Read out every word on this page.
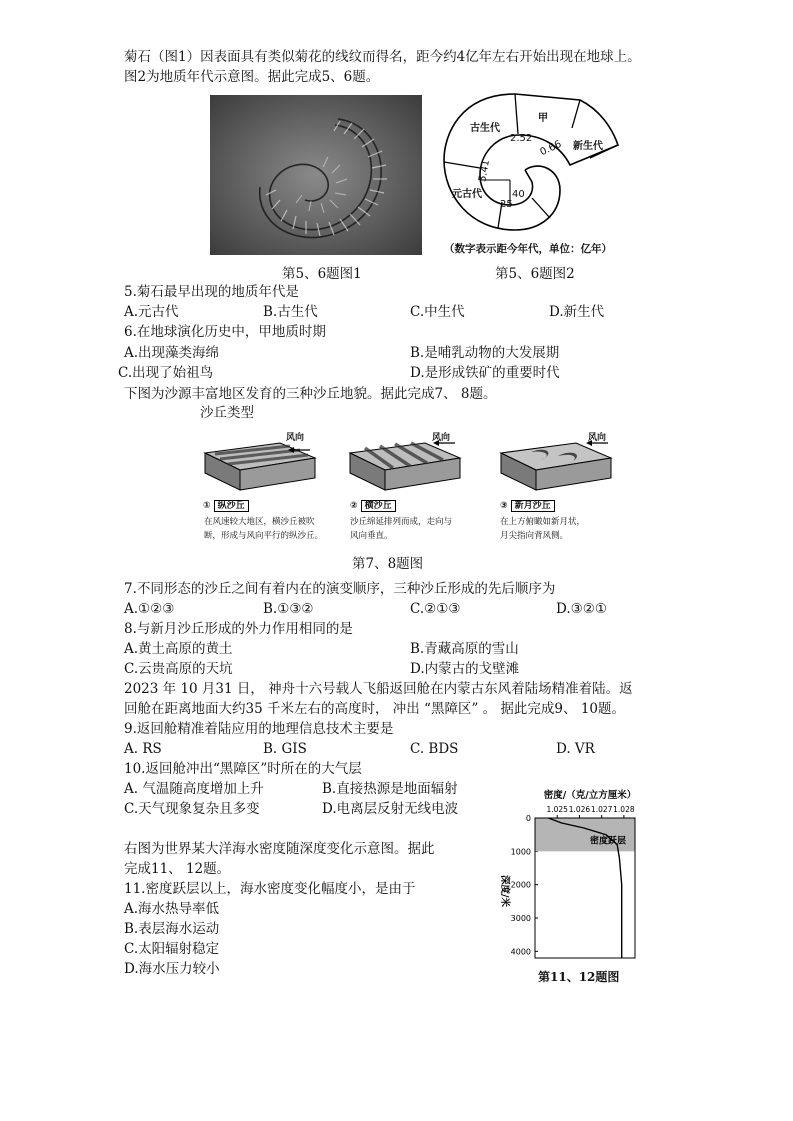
菊石（图1）因表面具有类似菊花的线纹而得名，距今约4亿年左右开始出现在地球上。
图2为地质年代示意图。据此完成5、6题。
第5、6题图1
古生代
甲
新生代
元古代
2.52
0.66
5.41
25
40
（数字表示距今年代，单位：亿年）
第5、6题图2
5.菊石最早出现的地质年代是
A.元古代	B.古生代	C.中生代	D.新生代
6.在地球演化历史中，甲地质时期
A.出现藻类海绵	B.是哺乳动物的大发展期
C.出现了始祖鸟	D.是形成铁矿的重要时代
下图为沙源丰富地区发育的三种沙丘地貌。据此完成7、 8题。
沙丘类型
风向	风向	风向
① 纵沙丘	② 横沙丘	③ 新月沙丘
在风速较大地区，横沙丘被吹
断，形成与风向平行的纵沙丘。
沙丘绵延排列而成，走向与
风向垂直。
在上方俯瞰如新月状，
月尖指向背风侧。
第7、8题图
7.不同形态的沙丘之间有着内在的演变顺序，三种沙丘形成的先后顺序为
A.①②③	B.①③②	C.②①③	D.③②①
8.与新月沙丘形成的外力作用相同的是
A.黄土高原的黄土	B.青藏高原的雪山
C.云贵高原的天坑	D.内蒙古的戈壁滩
2023 年 10 月31 日， 神舟十六号载人飞船返回舱在内蒙古东风着陆场精准着陆。返
回舱在距离地面大约35 千米左右的高度时， 冲出 “黑障区” 。 据此完成9、 10题。
9.返回舱精准着陆应用的地理信息技术主要是
A. RS	B. GIS	C. BDS	D. VR
10.返回舱冲出“黑障区”时所在的大气层
A. 气温随高度增加上升	B.直接热源是地面辐射
C.天气现象复杂且多变	D.电离层反射无线电波
右图为世界某大洋海水密度随深度变化示意图。据此
完成11、 12题。
11.密度跃层以上，海水密度变化幅度小，是由于
A.海水热导率低
B.表层海水运动
C.太阳辐射稳定
D.海水压力较小
密度/（克/立方厘米）
1.025 1.026 1.027 1.028
0
1000
2000
3000
4000
密度跃层
深度/米
第11、12题图
